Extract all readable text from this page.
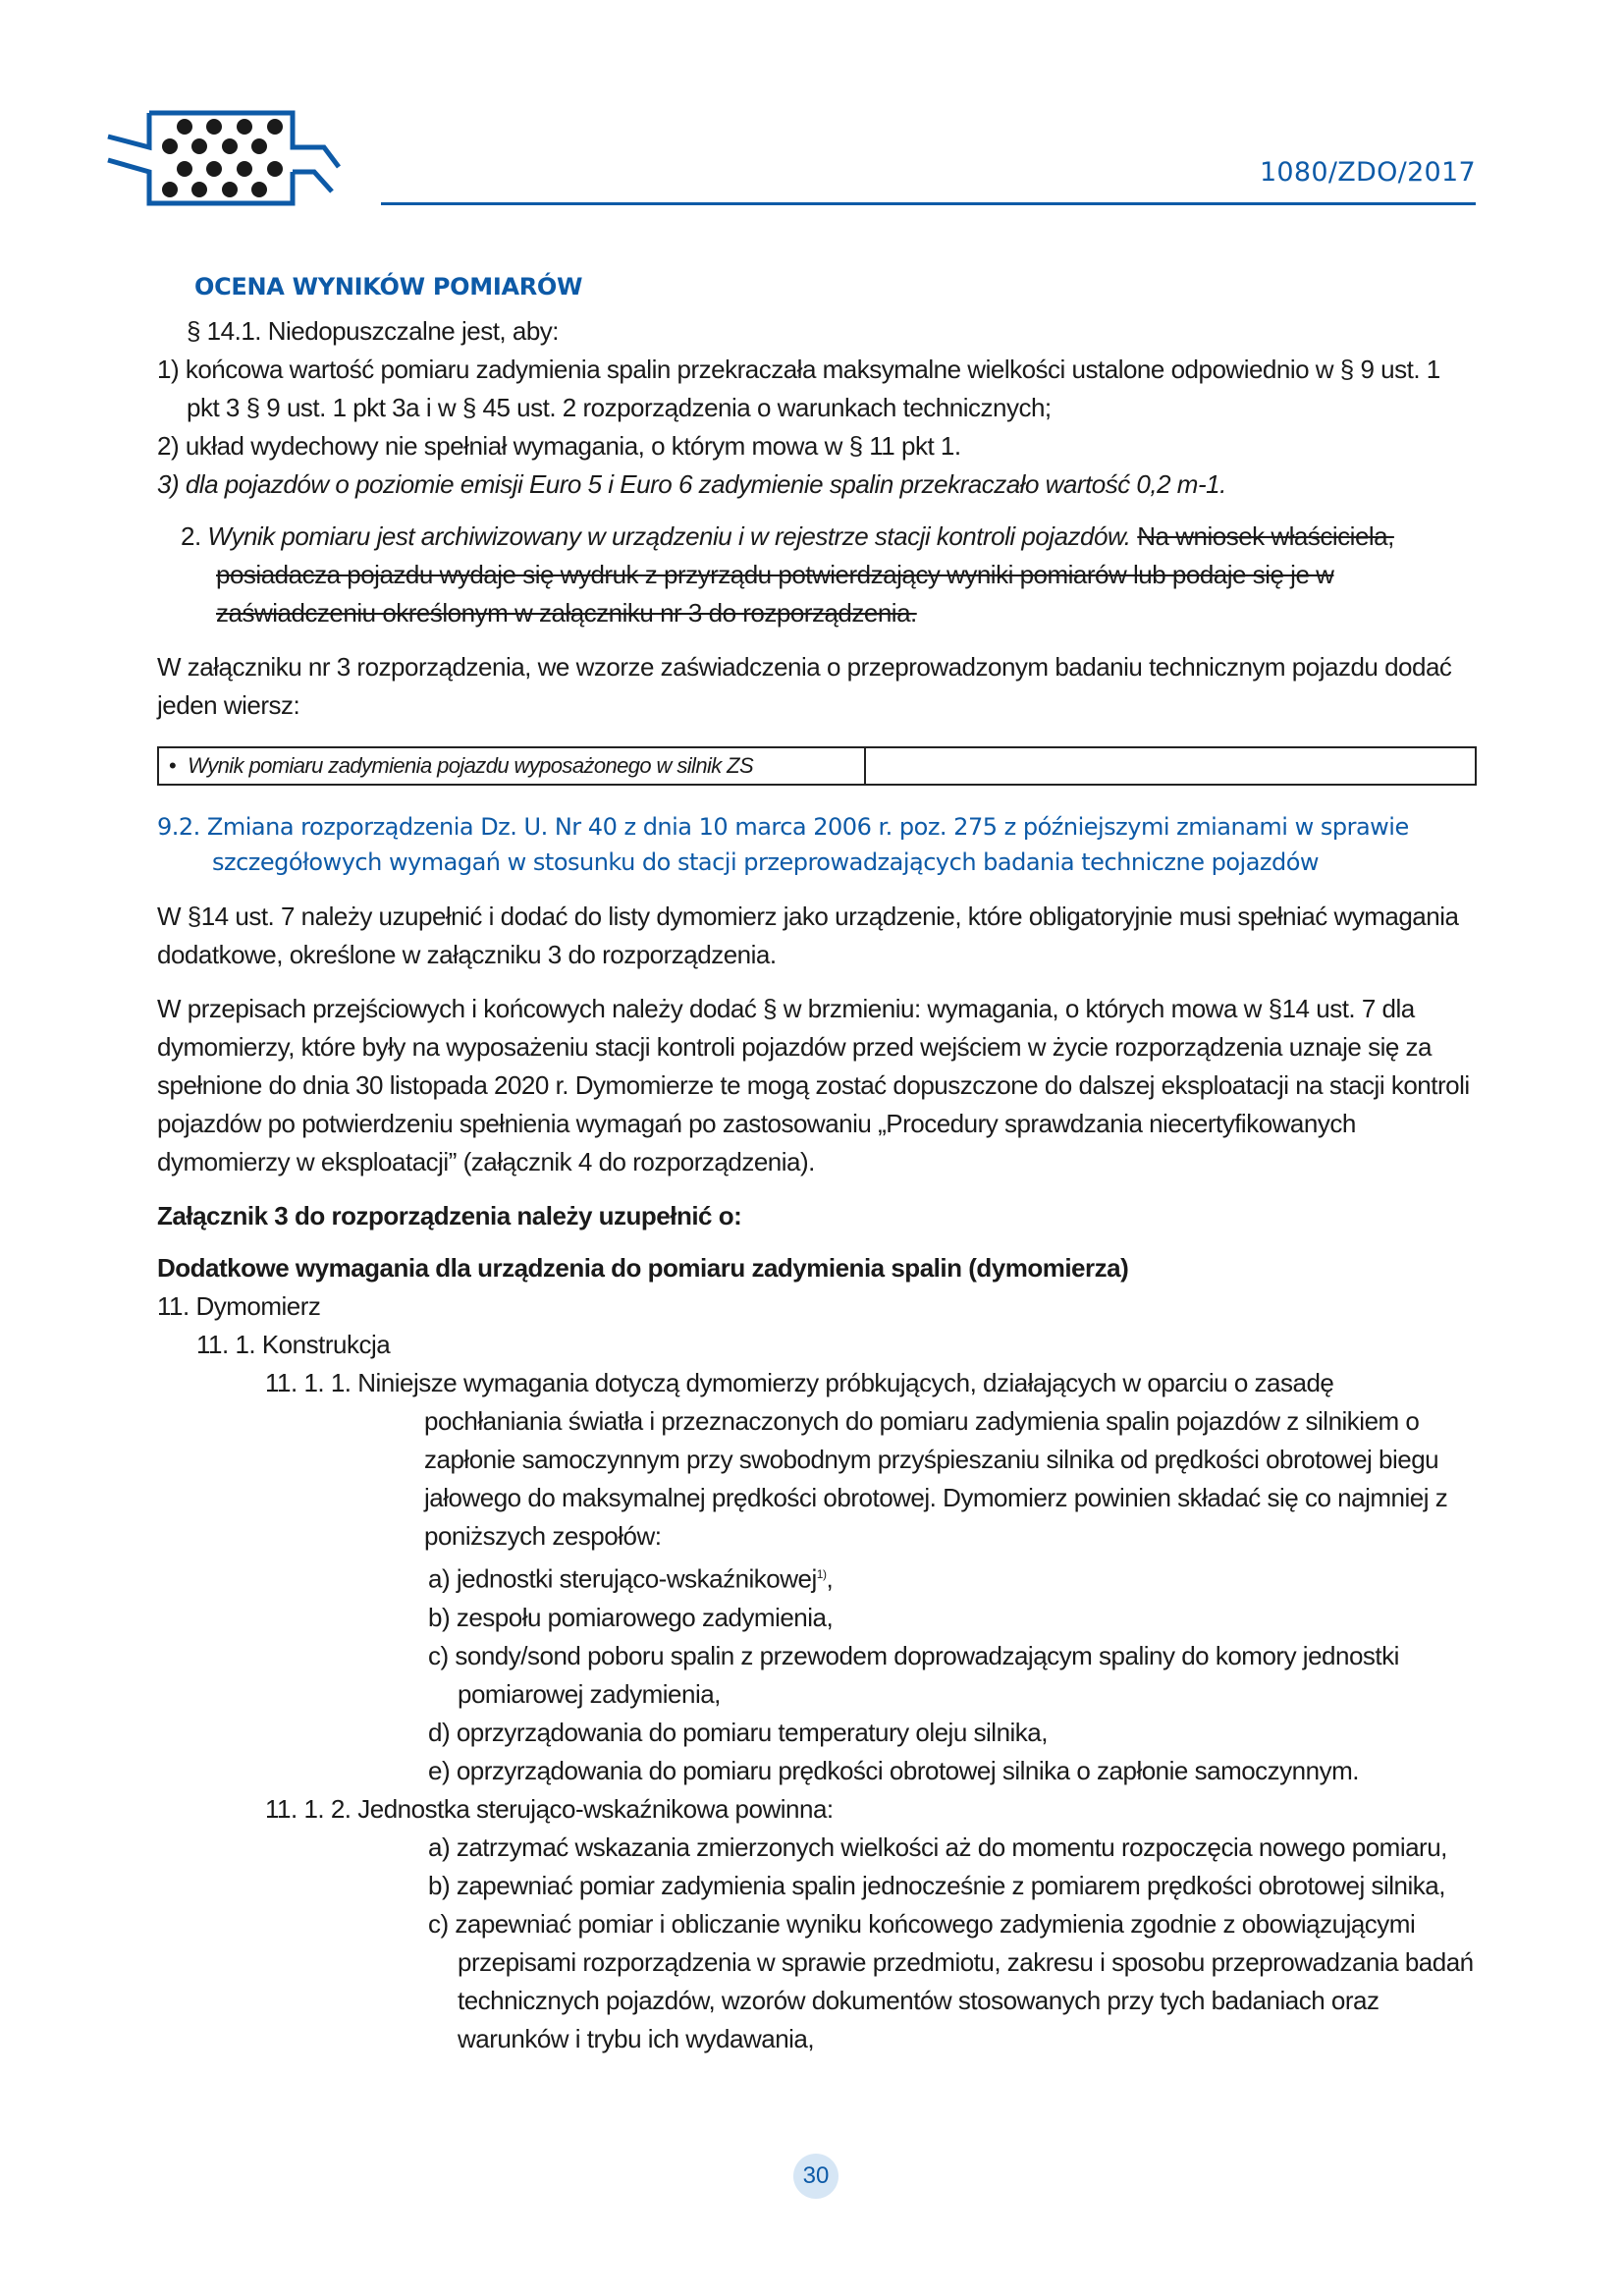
1080/ZDO/2017
OCENA WYNIKÓW POMIARÓW

§ 14.1. Niedopuszczalne jest, aby:

1) końcowa wartość pomiaru zadymienia spalin przekraczała maksymalne wielkości ustalone odpowiednio w § 9 ust. 1 pkt 3 § 9 ust. 1 pkt 3a i w § 45 ust. 2 rozporządzenia o warunkach technicznych;

2) układ wydechowy nie spełniał wymagania, o którym mowa w § 11 pkt 1.

3) dla pojazdów o poziomie emisji Euro 5 i Euro 6 zadymienie spalin przekraczało wartość 0,2 m-1.

2. Wynik pomiaru jest archiwizowany w urządzeniu i w rejestrze stacji kontroli pojazdów. Na wniosek właściciela, posiadacza pojazdu wydaje się wydruk z przyrządu potwierdzający wyniki pomiarów lub podaje się je w zaświadczeniu określonym w załączniku nr 3 do rozporządzenia.

W załączniku nr 3 rozporządzenia, we wzorze zaświadczenia o przeprowadzonym badaniu technicznym pojazdu dodać jeden wiersz:

• Wynik pomiaru zadymienia pojazdu wyposażonego w silnik ZS
9.2. Zmiana rozporządzenia Dz. U. Nr 40 z dnia 10 marca 2006 r. poz. 275 z późniejszymi zmianami w sprawie szczegółowych wymagań w stosunku do stacji przeprowadzających badania techniczne pojazdów

W §14 ust. 7 należy uzupełnić i dodać do listy dymomierz jako urządzenie, które obligatoryjnie musi spełniać wymagania dodatkowe, określone w załączniku 3 do rozporządzenia.

W przepisach przejściowych i końcowych należy dodać § w brzmieniu: wymagania, o których mowa w §14 ust. 7 dla dymomierzy, które były na wyposażeniu stacji kontroli pojazdów przed wejściem w życie rozporządzenia uznaje się za spełnione do dnia 30 listopada 2020 r. Dymomierze te mogą zostać dopuszczone do dalszej eksploatacji na stacji kontroli pojazdów po potwierdzeniu spełnienia wymagań po zastosowaniu „Procedury sprawdzania niecertyfikowanych dymomierzy w eksploatacji” (załącznik 4 do rozporządzenia).

Załącznik 3 do rozporządzenia należy uzupełnić o:

Dodatkowe wymagania dla urządzenia do pomiaru zadymienia spalin (dymomierza)

11. Dymomierz

11. 1. Konstrukcja

11. 1. 1. Niniejsze wymagania dotyczą dymomierzy próbkujących, działających w oparciu o zasadę pochłaniania światła i przeznaczonych do pomiaru zadymienia spalin pojazdów z silnikiem o zapłonie samoczynnym przy swobodnym przyśpieszaniu silnika od prędkości obrotowej biegu jałowego do maksymalnej prędkości obrotowej. Dymomierz powinien składać się co najmniej z poniższych zespołów:

a) jednostki sterująco-wskaźnikowej$^{1)}$,

b) zespołu pomiarowego zadymienia,

c) sondy/sond poboru spalin z przewodem doprowadzającym spaliny do komory jednostki pomiarowej zadymienia,

d) oprzyrządowania do pomiaru temperatury oleju silnika,

e) oprzyrządowania do pomiaru prędkości obrotowej silnika o zapłonie samoczynnym.

11. 1. 2. Jednostka sterująco-wskaźnikowa powinna:

a) zatrzymać wskazania zmierzonych wielkości aż do momentu rozpoczęcia nowego pomiaru,

b) zapewniać pomiar zadymienia spalin jednocześnie z pomiarem prędkości obrotowej silnika,

c) zapewniać pomiar i obliczanie wyniku końcowego zadymienia zgodnie z obowiązującymi przepisami rozporządzenia w sprawie przedmiotu, zakresu i sposobu przeprowadzania badań technicznych pojazdów, wzorów dokumentów stosowanych przy tych badaniach oraz warunków i trybu ich wydawania,

30
